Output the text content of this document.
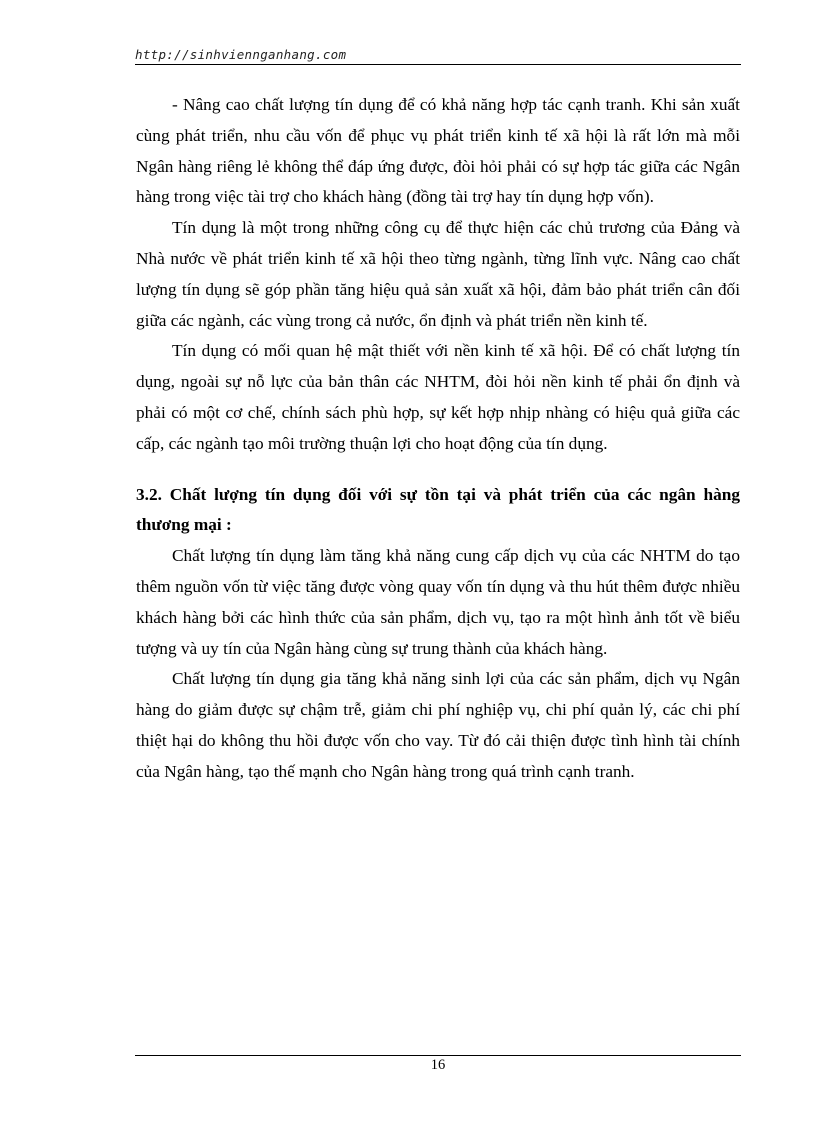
http://sinhviennganhang.com

- Nâng cao chất lượng tín dụng để có khả năng hợp tác cạnh tranh. Khi sản xuất cùng phát triển, nhu cầu vốn để phục vụ phát triển kinh tế xã hội là rất lớn mà mỗi Ngân hàng riêng lẻ không thể đáp ứng được, đòi hỏi phải có sự hợp tác giữa các Ngân hàng trong việc tài trợ cho khách hàng (đồng tài trợ hay tín dụng hợp vốn).

Tín dụng là một trong những công cụ để thực hiện các chủ trương của Đảng và Nhà nước về phát triển kinh tế xã hội theo từng ngành, từng lĩnh vực. Nâng cao chất lượng tín dụng sẽ góp phần tăng hiệu quả sản xuất xã hội, đảm bảo phát triển cân đối giữa các ngành, các vùng trong cả nước, ổn định và phát triển nền kinh tế.

Tín dụng có mối quan hệ mật thiết với nền kinh tế xã hội. Để có chất lượng tín dụng, ngoài sự nỗ lực của bản thân các NHTM, đòi hỏi nền kinh tế phải ổn định và phải có một cơ chế, chính sách phù hợp, sự kết hợp nhịp nhàng có hiệu quả giữa các cấp, các ngành tạo môi trường thuận lợi cho hoạt động của tín dụng.

3.2. Chất lượng tín dụng đối với sự tồn tại và phát triển của các ngân hàng thương mại :

Chất lượng tín dụng làm tăng khả năng cung cấp dịch vụ của các NHTM do tạo thêm nguồn vốn từ việc tăng được vòng quay vốn tín dụng và thu hút thêm được nhiều khách hàng bởi các hình thức của sản phẩm, dịch vụ, tạo ra một hình ảnh tốt về biểu tượng và uy tín của Ngân hàng cùng sự trung thành của khách hàng.

Chất lượng tín dụng gia tăng khả năng sinh lợi của các sản phẩm, dịch vụ Ngân hàng do giảm được sự chậm trễ, giảm chi phí nghiệp vụ, chi phí quản lý, các chi phí thiệt hại do không thu hồi được vốn cho vay. Từ đó cải thiện được tình hình tài chính của Ngân hàng, tạo thế mạnh cho Ngân hàng trong quá trình cạnh tranh.

16
